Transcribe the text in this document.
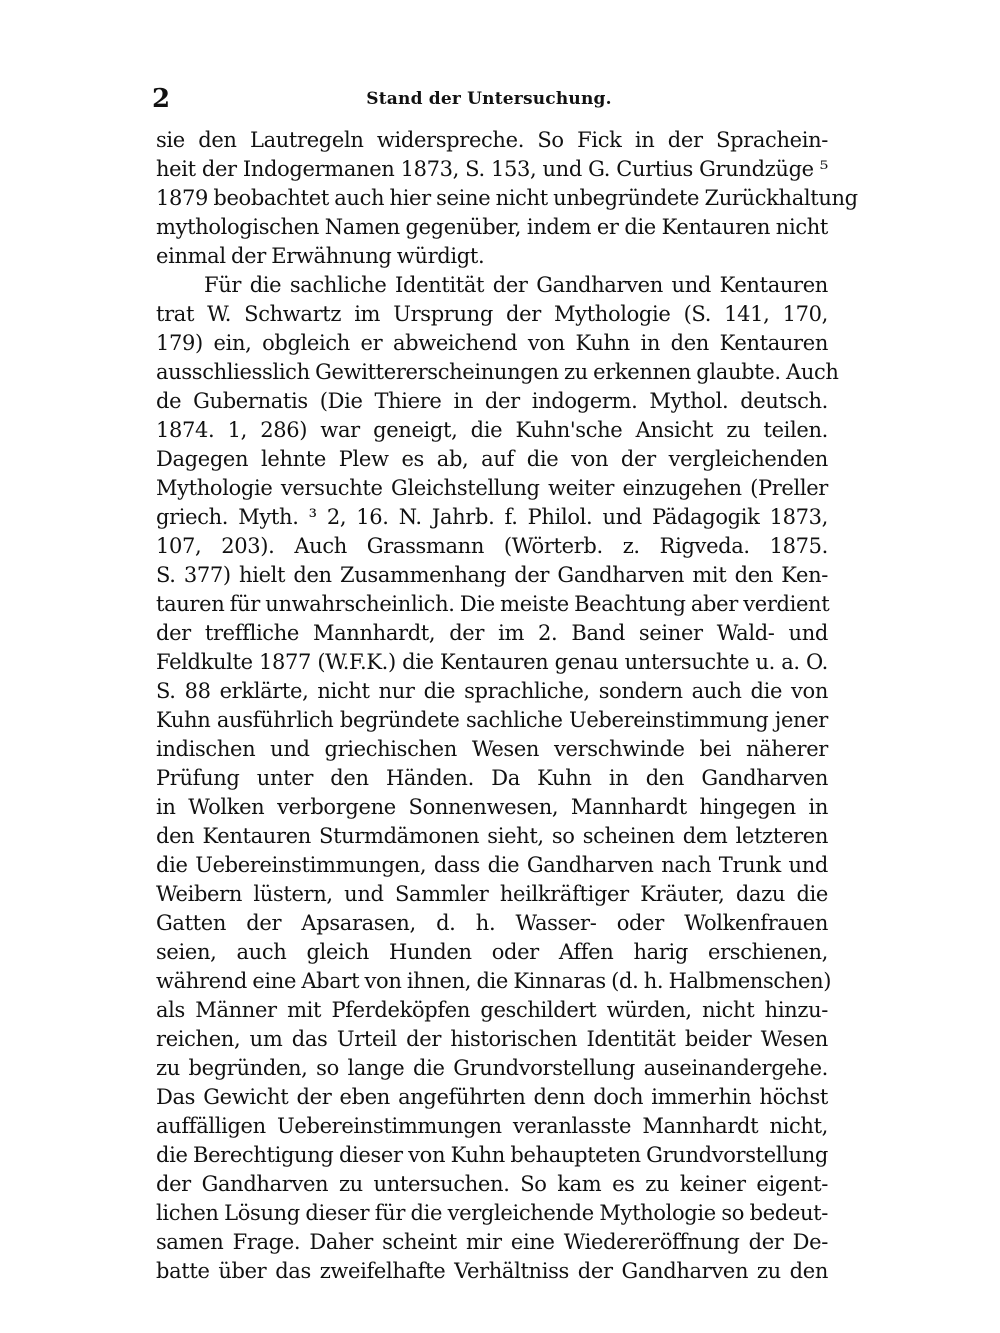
2	Stand der Untersuchung.
sie den Lautregeln widerspreche. So Fick in der Sprachein-
heit der Indogermanen 1873, S. 153, und G. Curtius Grundzüge ⁵
1879 beobachtet auch hier seine nicht unbegründete Zurückhaltung
mythologischen Namen gegenüber, indem er die Kentauren nicht
einmal der Erwähnung würdigt.
Für die sachliche Identität der Gandharven und Kentauren
trat W. Schwartz im Ursprung der Mythologie (S. 141, 170,
179) ein, obgleich er abweichend von Kuhn in den Kentauren
ausschliesslich Gewittererscheinungen zu erkennen glaubte. Auch
de Gubernatis (Die Thiere in der indogerm. Mythol. deutsch.
1874. 1, 286) war geneigt, die Kuhn'sche Ansicht zu teilen.
Dagegen lehnte Plew es ab, auf die von der vergleichenden
Mythologie versuchte Gleichstellung weiter einzugehen (Preller
griech. Myth. ³ 2, 16. N. Jahrb. f. Philol. und Pädagogik 1873,
107, 203). Auch Grassmann (Wörterb. z. Rigveda. 1875.
S. 377) hielt den Zusammenhang der Gandharven mit den Ken-
tauren für unwahrscheinlich. Die meiste Beachtung aber verdient
der treffliche Mannhardt, der im 2. Band seiner Wald- und
Feldkulte 1877 (W.F.K.) die Kentauren genau untersuchte u. a. O.
S. 88 erklärte, nicht nur die sprachliche, sondern auch die von
Kuhn ausführlich begründete sachliche Uebereinstimmung jener
indischen und griechischen Wesen verschwinde bei näherer
Prüfung unter den Händen. Da Kuhn in den Gandharven
in Wolken verborgene Sonnenwesen, Mannhardt hingegen in
den Kentauren Sturmdämonen sieht, so scheinen dem letzteren
die Uebereinstimmungen, dass die Gandharven nach Trunk und
Weibern lüstern, und Sammler heilkräftiger Kräuter, dazu die
Gatten der Apsarasen, d. h. Wasser- oder Wolkenfrauen
seien, auch gleich Hunden oder Affen harig erschienen,
während eine Abart von ihnen, die Kinnaras (d. h. Halbmenschen)
als Männer mit Pferdeköpfen geschildert würden, nicht hinzu-
reichen, um das Urteil der historischen Identität beider Wesen
zu begründen, so lange die Grundvorstellung auseinandergehe.
Das Gewicht der eben angeführten denn doch immerhin höchst
auffälligen Uebereinstimmungen veranlasste Mannhardt nicht,
die Berechtigung dieser von Kuhn behaupteten Grundvorstellung
der Gandharven zu untersuchen. So kam es zu keiner eigent-
lichen Lösung dieser für die vergleichende Mythologie so bedeut-
samen Frage. Daher scheint mir eine Wiedereröffnung der De-
batte über das zweifelhafte Verhältniss der Gandharven zu den
